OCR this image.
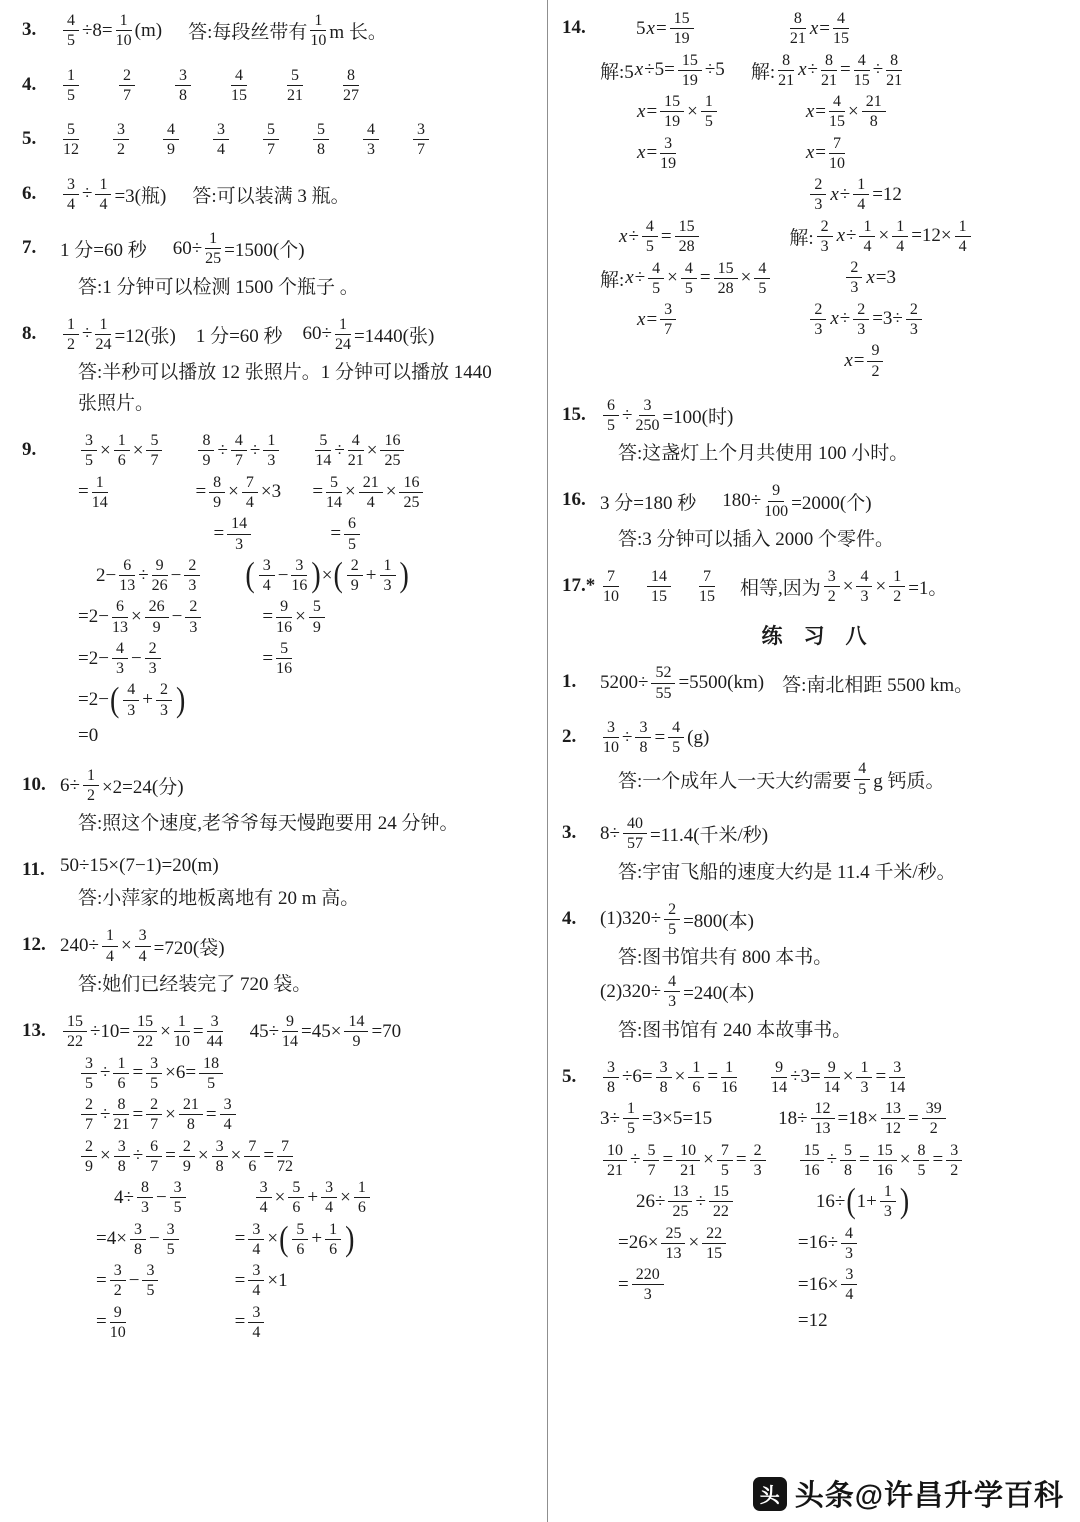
3.	$\frac{4}{5} \div 8= \frac{1}{10} (m)$ 答:每段丝带有 $\frac{1}{10}$ m 长。
4.	$\frac{1}{5}$	$\frac{2}{7}$	$\frac{3}{8}$	$\frac{4}{15}$	$\frac{5}{21}$	$\frac{8}{27}$
5.	$\frac{5}{12} \frac{3}{2} \frac{4}{9} \frac{3}{4} \frac{5}{7} \frac{5}{8} \frac{4}{3} \frac{3}{7}$
6.	$\frac{3}{4} \div \frac{1}{4} =3$(瓶) 答:可以装满 3 瓶。
7.	1 分=60 秒 $60\div \frac{1}{25} =1500$(个)
答:1 分钟可以检测 1500 个瓶子 。
8.	$\frac{1}{2} \div \frac{1}{24} =12$(张) 1 分=60 秒 $60\div \frac{1}{24} =1440$(张)
答:半秒可以播放 12 张照片。1 分钟可以播放 1440
张照片。
9.	$\frac{3}{5} \times \frac{1}{6} \times \frac{5}{7}$
= $\frac{1}{14}$
$\frac{8}{9} \div \frac{4}{7} \div \frac{1}{3}$
= $\frac{8}{9} \times \frac{7}{4} \times 3$
= $\frac{14}{3}$
$\frac{5}{14} \div \frac{4}{21} \times \frac{16}{25}$
= $\frac{5}{14} \times \frac{21}{4} \times \frac{16}{25}$
= $\frac{6}{5}$
$2- \frac{6}{13} \div \frac{9}{26} - \frac{2}{3}$
$=2- \frac{6}{13} \times \frac{26}{9} - \frac{2}{3}$
$=2- \frac{4}{3} - \frac{2}{3}$
=2− ( $\frac{4}{3} + \frac{2}{3}$ )
=0
( $\frac{3}{4} - \frac{3}{16}$ ) × ( $\frac{2}{9} + \frac{1}{3}$ )
= $\frac{9}{16} \times \frac{5}{9}$
= $\frac{5}{16}$
10. $6\div \frac{1}{2} \times 2=24$(分)
答:照这个速度,老爷爷每天慢跑要用 24 分钟。
11. 50÷15×(7−1)=20(m)
答:小萍家的地板离地有 20 m 高。
12. $240\div \frac{1}{4} \times \frac{3}{4} =720$(袋)
答:她们已经装完了 720 袋。
13.	$\frac{15}{22} \div 10= \frac{15}{22} \times \frac{1}{10} = \frac{3}{44} 45\div \frac{9}{14} =45\times \frac{14}{9} =70$
$\frac{3}{5} \div \frac{1}{6} = \frac{3}{5} \times 6= \frac{18}{5}$
$\frac{2}{7} \div \frac{8}{21} = \frac{2}{7} \times \frac{21}{8} = \frac{3}{4}$
$\frac{2}{9} \times \frac{3}{8} \div \frac{6}{7} = \frac{2}{9} \times \frac{3}{8} \times \frac{7}{6} = \frac{7}{72}$
$4\div \frac{8}{3} - \frac{3}{5}$
$=4\times \frac{3}{8} - \frac{3}{5}$
= $\frac{3}{2} - \frac{3}{5}$
= $\frac{9}{10}$
$\frac{3}{4} \times \frac{5}{6} + \frac{3}{4} \times \frac{1}{6}$
= $\frac{3}{4}$ × ( $\frac{5}{6} + \frac{1}{6}$ )
= $\frac{3}{4} \times 1$
= $\frac{3}{4}$
14.	5 $x = \frac{15}{19}$
解:5 $x \div 5= \frac{15}{19} \div 5$
$x = \frac{15}{19} \times \frac{1}{5}$
$x = \frac{3}{19}$
$\frac{8}{21}$ $x = \frac{4}{15}$
解: $\frac{8}{21}$ $x \div \frac{8}{21} = \frac{4}{15} \div \frac{8}{21}$
$x = \frac{4}{15} \times \frac{21}{8}$
$x = \frac{7}{10}$
$x \div \frac{4}{5} = \frac{15}{28}$
解: $x \div \frac{4}{5} \times \frac{4}{5} = \frac{15}{28} \times \frac{4}{5}$
$x = \frac{3}{7}$
$\frac{2}{3}$ $x \div \frac{1}{4} =12$
解: $\frac{2}{3}$ $x \div \frac{1}{4} \times \frac{1}{4} =12\times \frac{1}{4}$
$\frac{2}{3}$ x =3
$\frac{2}{3}$ $x \div \frac{2}{3} =3\div \frac{2}{3}$
$x = \frac{9}{2}$
15.	$\frac{6}{5} \div \frac{3}{250} =100$(时)
答:这盏灯上个月共使用 100 小时。
16. 3 分=180 秒 $180\div \frac{9}{100} =2000$(个)
答:3 分钟可以插入 2000 个零件。
$17.* \frac{7}{10} \frac{14}{15} \frac{7}{15}$ 相等,因为 $\frac{3}{2} \times \frac{4}{3} \times \frac{1}{2} =1$。
练　习　八
1.	$5200\div \frac{52}{55} =5500(km)$ 答:南北相距 5500 km。
2.	$\frac{3}{10} \div \frac{3}{8} = \frac{4}{5} (g)$
答:一个成年人一天大约需要 $\frac{4}{5}$ g 钙质。
3.	$8\div \frac{40}{57} =11.4$(千米/秒)
答:宇宙飞船的速度大约是 11.4 千米/秒。
4.	$(1)320\div \frac{2}{5} =800$(本)
答:图书馆共有 800 本书。
$(2)320\div \frac{4}{3} =240$(本)
答:图书馆有 240 本故事书。
5.	$\frac{3}{8} \div 6= \frac{3}{8} \times \frac{1}{6} = \frac{1}{16} \frac{9}{14} \div 3= \frac{9}{14} \times \frac{1}{3} = \frac{3}{14}$
$3\div \frac{1}{5} =3\times 5=15$	$18\div \frac{12}{13} =18\times \frac{13}{12} = \frac{39}{2}$
$\frac{10}{21} \div \frac{5}{7} = \frac{10}{21} \times \frac{7}{5} = \frac{2}{3} \frac{15}{16} \div \frac{5}{8} = \frac{15}{16} \times \frac{8}{5} = \frac{3}{2}$
$26\div \frac{13}{25} \div \frac{15}{22}$
$=26\times \frac{25}{13} \times \frac{22}{15}$
= $\frac{220}{3}$
16÷ ( $1+ \frac{1}{3}$ )
$=16\div \frac{4}{3}$
$=16\times \frac{3}{4}$
=12
头 头条@许昌升学百科
